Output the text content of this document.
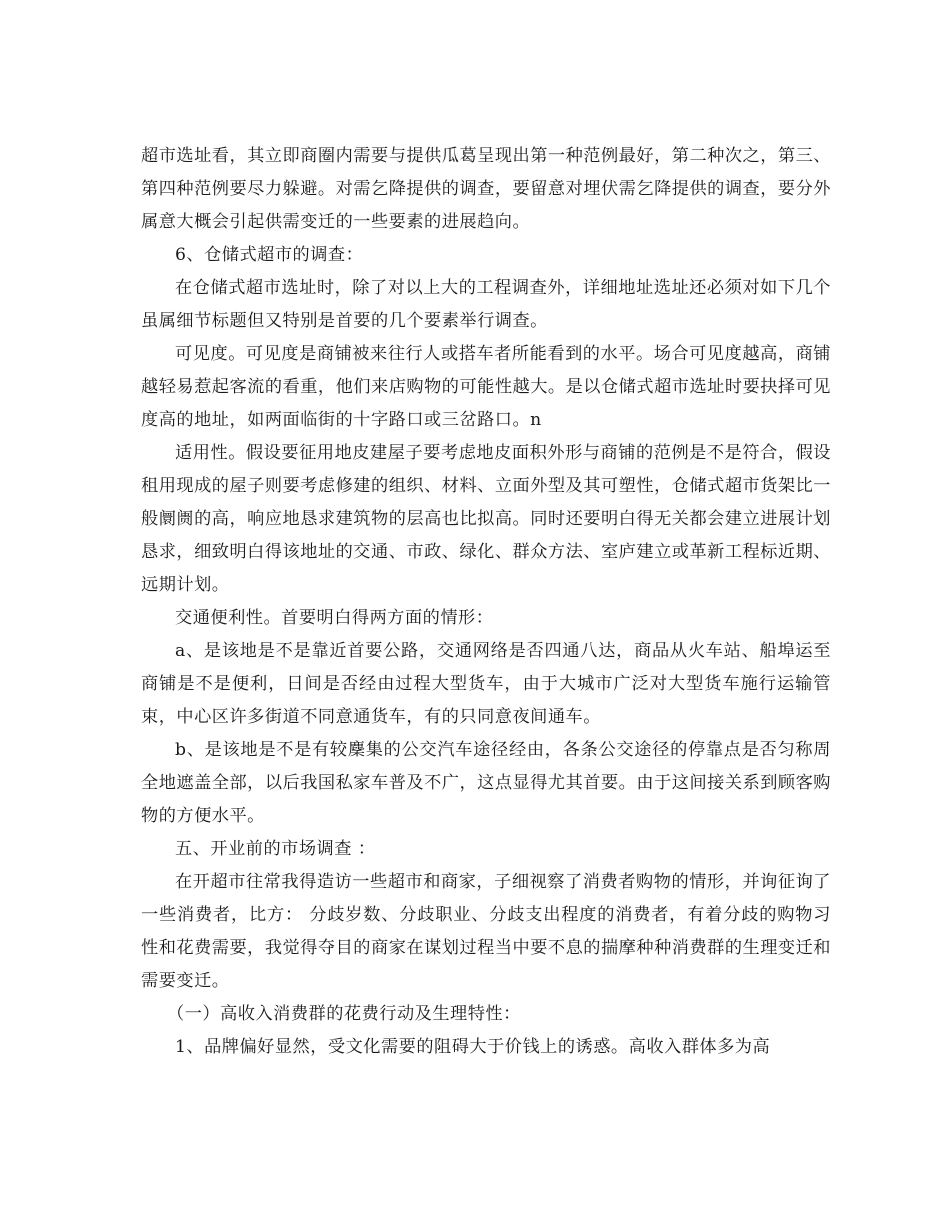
超市选址看，其立即商圈内需要与提供瓜葛呈现出第一种范例最好，第二种次之，第三、第四种范例要尽力躲避。对需乞降提供的调查，要留意对埋伏需乞降提供的调查，要分外属意大概会引起供需变迁的一些要素的进展趋向。

6、仓储式超市的调查：

在仓储式超市选址时，除了对以上大的工程调查外，详细地址选址还必须对如下几个虽属细节标题但又特别是首要的几个要素举行调查。

可见度。可见度是商铺被来往行人或搭车者所能看到的水平。场合可见度越高，商铺越轻易惹起客流的看重，他们来店购物的可能性越大。是以仓储式超市选址时要抉择可见度高的地址，如两面临街的十字路口或三岔路口。n

适用性。假设要征用地皮建屋子要考虑地皮面积外形与商铺的范例是不是符合，假设租用现成的屋子则要考虑修建的组织、材料、立面外型及其可塑性，仓储式超市货架比一般阛阓的高，响应地恳求建筑物的层高也比拟高。同时还要明白得无关都会建立进展计划恳求，细致明白得该地址的交通、市政、绿化、群众方法、室庐建立或革新工程标近期、远期计划。

交通便利性。首要明白得两方面的情形：

a、是该地是不是靠近首要公路，交通网络是否四通八达，商品从火车站、船埠运至商铺是不是便利，日间是否经由过程大型货车，由于大城市广泛对大型货车施行运输管束，中心区许多街道不同意通货车，有的只同意夜间通车。

b、是该地是不是有较麇集的公交汽车途径经由，各条公交途径的停靠点是否匀称周全地遮盖全部，以后我国私家车普及不广，这点显得尤其首要。由于这间接关系到顾客购物的方便水平。

五、开业前的市场调查 ：

在开超市往常我得造访一些超市和商家，子细视察了消费者购物的情形，并询征询了一些消费者，比方： 分歧岁数、分歧职业、分歧支出程度的消费者，有着分歧的购物习性和花费需要，我觉得夺目的商家在谋划过程当中要不息的揣摩种种消费群的生理变迁和需要变迁。

（一）高收入消费群的花费行动及生理特性：

1、品牌偏好显然，受文化需要的阻碍大于价钱上的诱惑。高收入群体多为高
